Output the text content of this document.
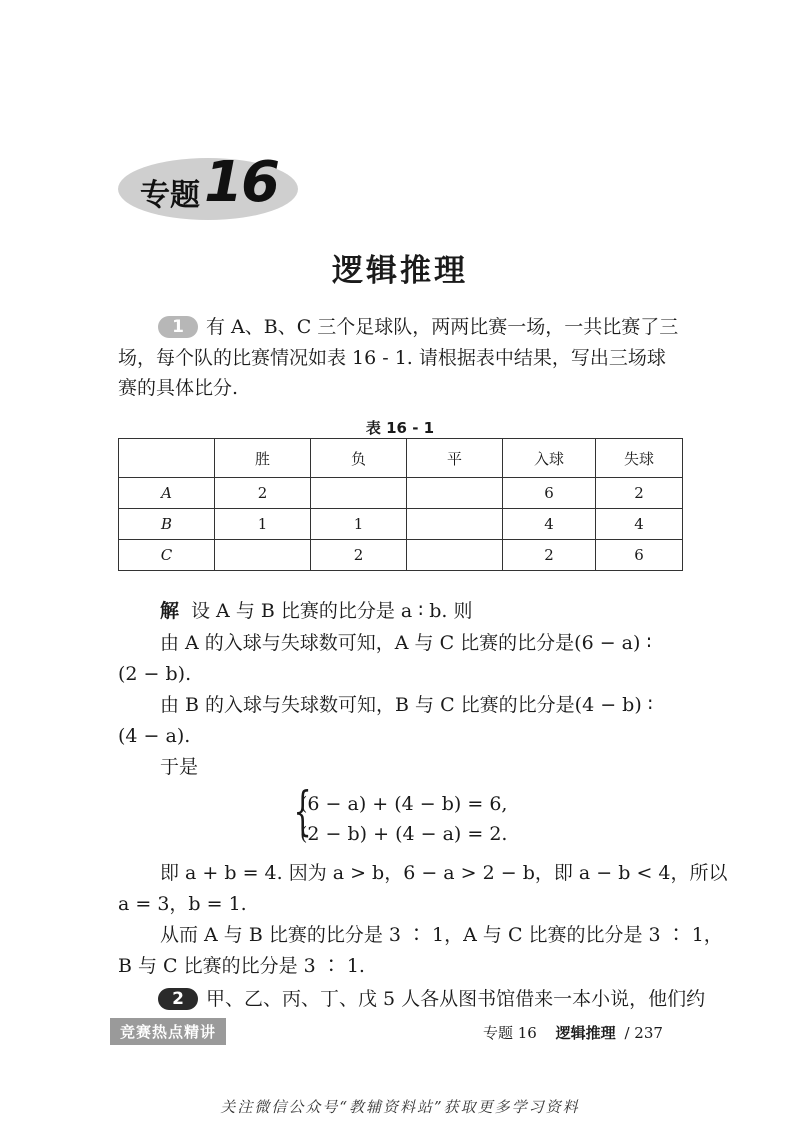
专题 16
逻辑推理
1 有 A、B、C 三个足球队，两两比赛一场，一共比赛了三
场，每个队的比赛情况如表 16 - 1. 请根据表中结果，写出三场球
赛的具体比分.
表 16 - 1
	胜	负	平	入球	失球
A	2			6	2
B	1	1		4	4
C		2		2	6
解 设 A 与 B 比赛的比分是 a ∶ b. 则
由 A 的入球与失球数可知，A 与 C 比赛的比分是(6 − a) ∶
(2 − b).
由 B 的入球与失球数可知，B 与 C 比赛的比分是(4 − b) ∶
(4 − a).
于是
{
(6 − a) + (4 − b) = 6,
(2 − b) + (4 − a) = 2.
即 a + b = 4. 因为 a > b，6 − a > 2 − b，即 a − b < 4，所以
a = 3，b = 1.
从而 A 与 B 比赛的比分是 3 ∶ 1，A 与 C 比赛的比分是 3 ∶ 1，
B 与 C 比赛的比分是 3 ∶ 1.
2 甲、乙、丙、丁、戊 5 人各从图书馆借来一本小说，他们约
竞赛热点精讲	专题 16 逻辑推理 / 237
关注微信公众号“教辅资料站”获取更多学习资料
